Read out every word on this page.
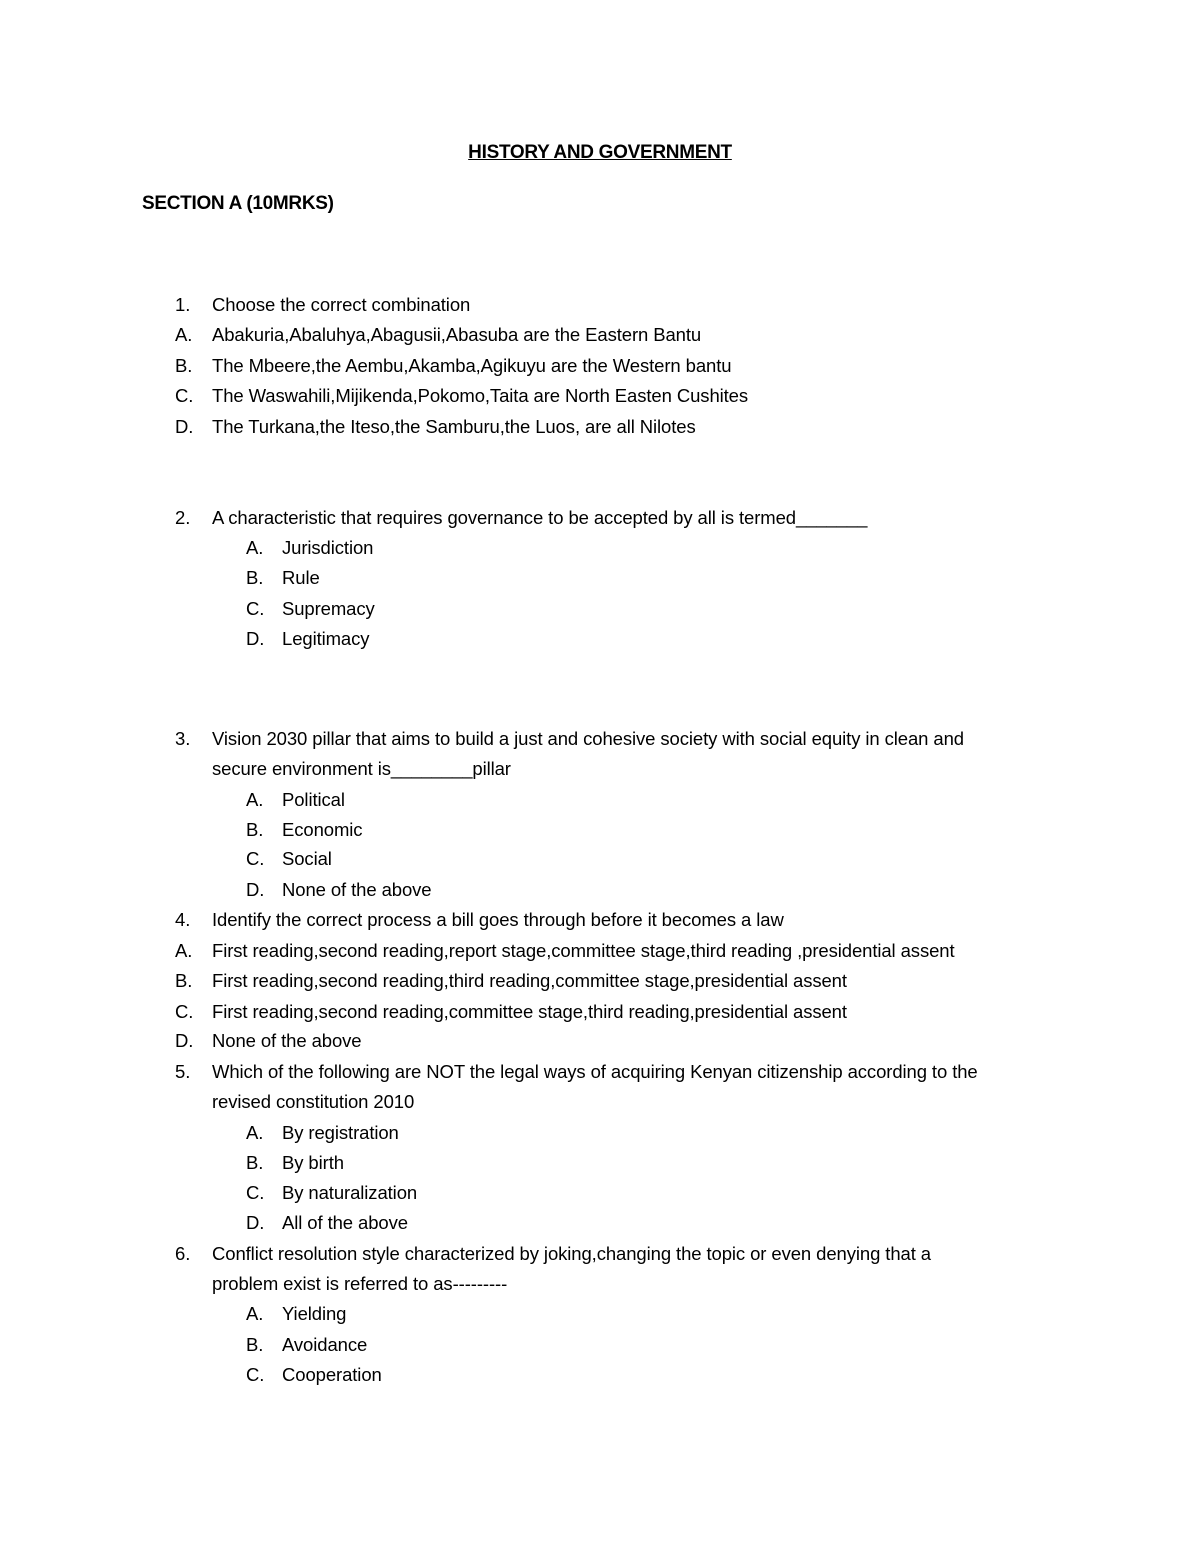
HISTORY AND GOVERNMENT
SECTION A (10MRKS)
1.	Choose the correct combination
A.	Abakuria,Abaluhya,Abagusii,Abasuba are the Eastern Bantu
B.	The Mbeere,the Aembu,Akamba,Agikuyu are the Western bantu
C.	The Waswahili,Mijikenda,Pokomo,Taita are North Easten Cushites
D.	The Turkana,the Iteso,the Samburu,the Luos, are all Nilotes
2.	A characteristic that requires governance to be accepted by all is termed_______
A.	Jurisdiction
B.	Rule
C. Supremacy
D. Legitimacy
3.	Vision 2030 pillar that aims to build a just and cohesive society with social equity in clean and
secure environment is________pillar
A.	Political
B.	Economic
C. Social
D. None of the above
4.	Identify the correct process a bill goes through before it becomes a law
A.	First reading,second reading,report stage,committee stage,third reading ,presidential assent
B.	First reading,second reading,third reading,committee stage,presidential assent
C.	First reading,second reading,committee stage,third reading,presidential assent
D.	None of the above
5.	Which of the following are NOT the legal ways of acquiring Kenyan citizenship according to the
revised constitution 2010
A.	By registration
B.	By birth
C. By naturalization
D. All of the above
6.	Conflict resolution style characterized by joking,changing the topic or even denying that a
problem exist is referred to as---------
A.	Yielding
B.	Avoidance
C. Cooperation
